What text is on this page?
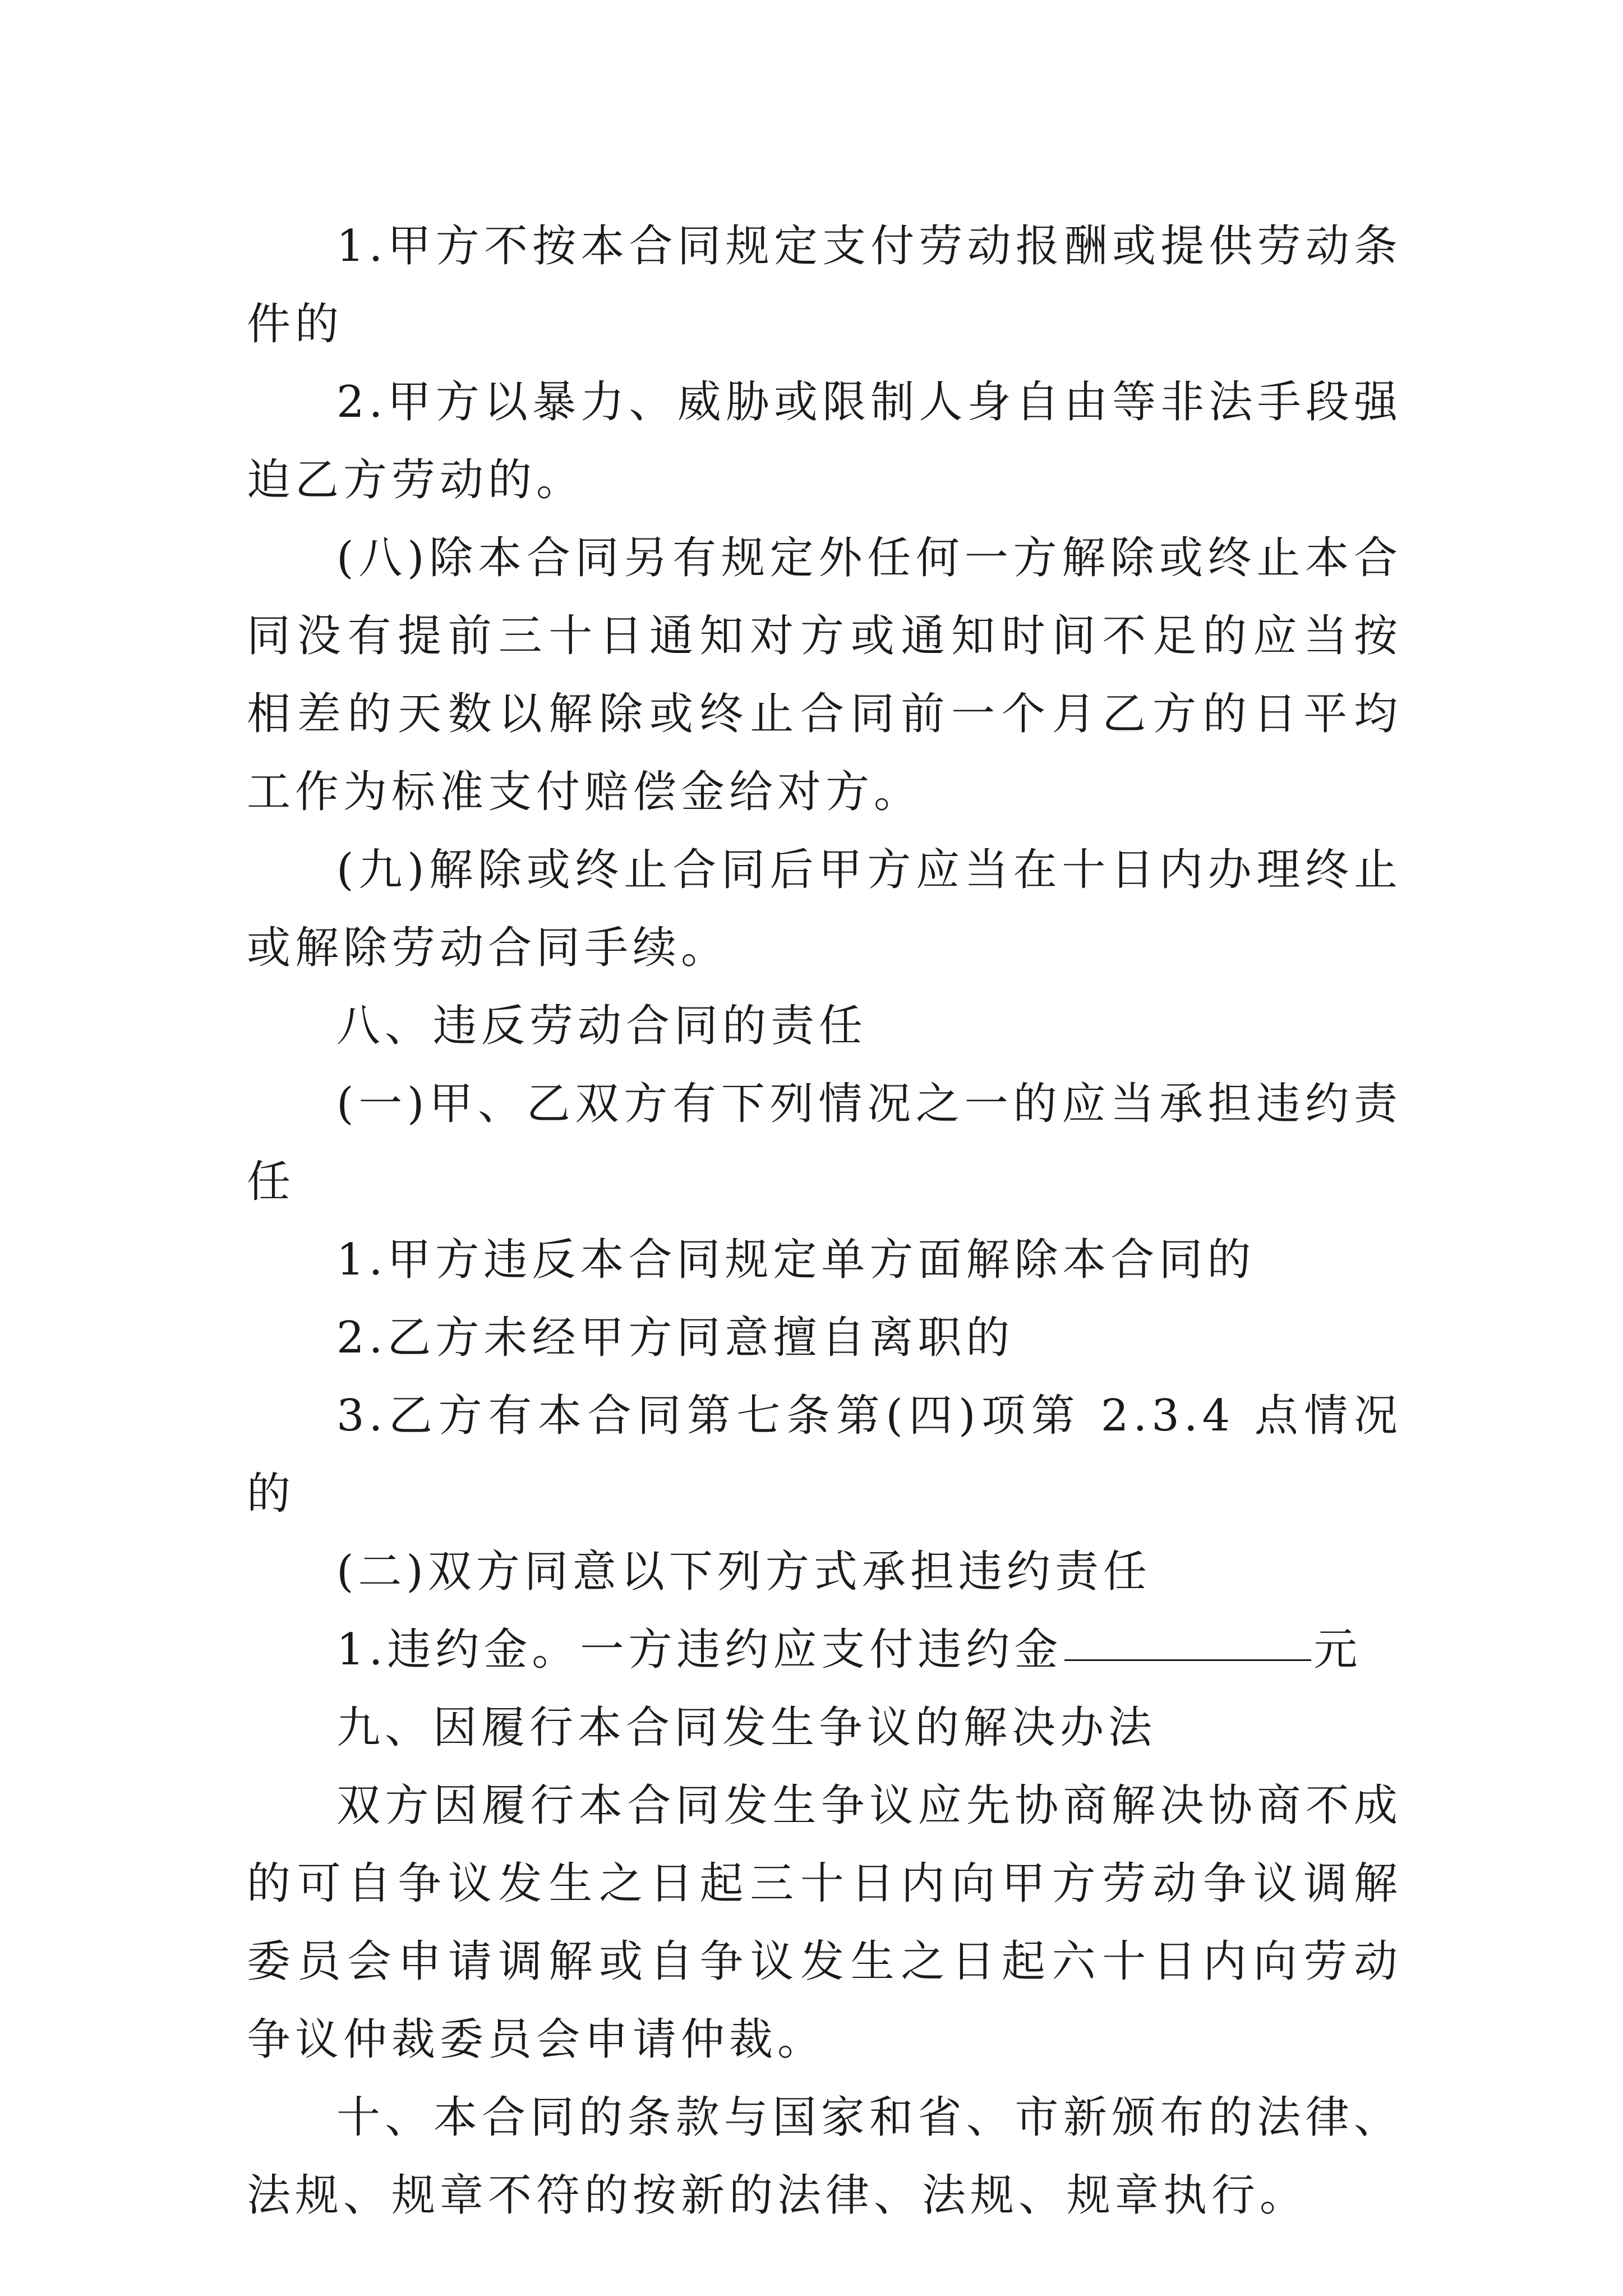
1.甲方不按本合同规定支付劳动报酬或提供劳动条件的

2.甲方以暴力、威胁或限制人身自由等非法手段强迫乙方劳动的。

(八)除本合同另有规定外任何一方解除或终止本合同没有提前三十日通知对方或通知时间不足的应当按相差的天数以解除或终止合同前一个月乙方的日平均工作为标准支付赔偿金给对方。

(九)解除或终止合同后甲方应当在十日内办理终止或解除劳动合同手续。

八、违反劳动合同的责任

(一)甲、乙双方有下列情况之一的应当承担违约责任

1.甲方违反本合同规定单方面解除本合同的

2.乙方未经甲方同意擅自离职的

3.乙方有本合同第七条第(四)项第 2.3.4 点情况的

(二)双方同意以下列方式承担违约责任

1.违约金。一方违约应支付违约金	元

九、因履行本合同发生争议的解决办法

双方因履行本合同发生争议应先协商解决协商不成的可自争议发生之日起三十日内向甲方劳动争议调解委员会申请调解或自争议发生之日起六十日内向劳动争议仲裁委员会申请仲裁。

十、本合同的条款与国家和省、市新颁布的法律、法规、规章不符的按新的法律、法规、规章执行。
